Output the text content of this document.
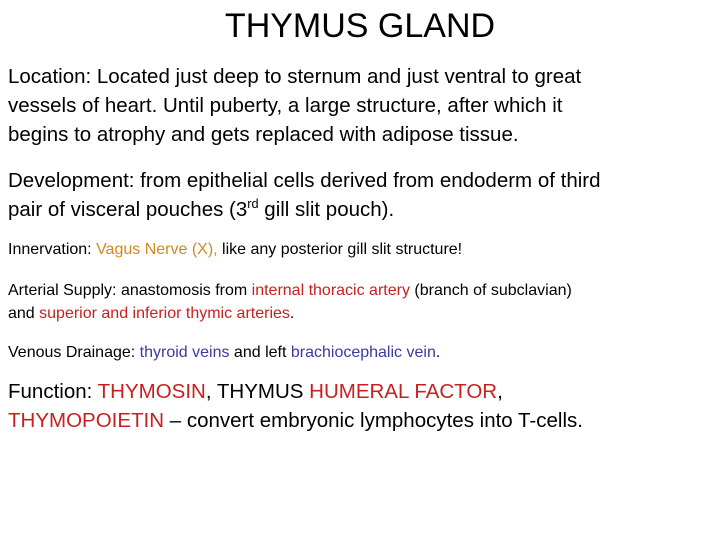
THYMUS GLAND

Location: Located just deep to sternum and just ventral to great
vessels of heart. Until puberty, a large structure, after which it
begins to atrophy and gets replaced with adipose tissue.

Development: from epithelial cells derived from endoderm of third
pair of visceral pouches (3rd gill slit pouch).

Innervation: Vagus Nerve (X), like any posterior gill slit structure!

Arterial Supply: anastomosis from internal thoracic artery (branch of subclavian)
and superior and inferior thymic arteries.

Venous Drainage: thyroid veins and left brachiocephalic vein.

Function: THYMOSIN, THYMUS HUMERAL FACTOR,
THYMOPOIETIN – convert embryonic lymphocytes into T-cells.
